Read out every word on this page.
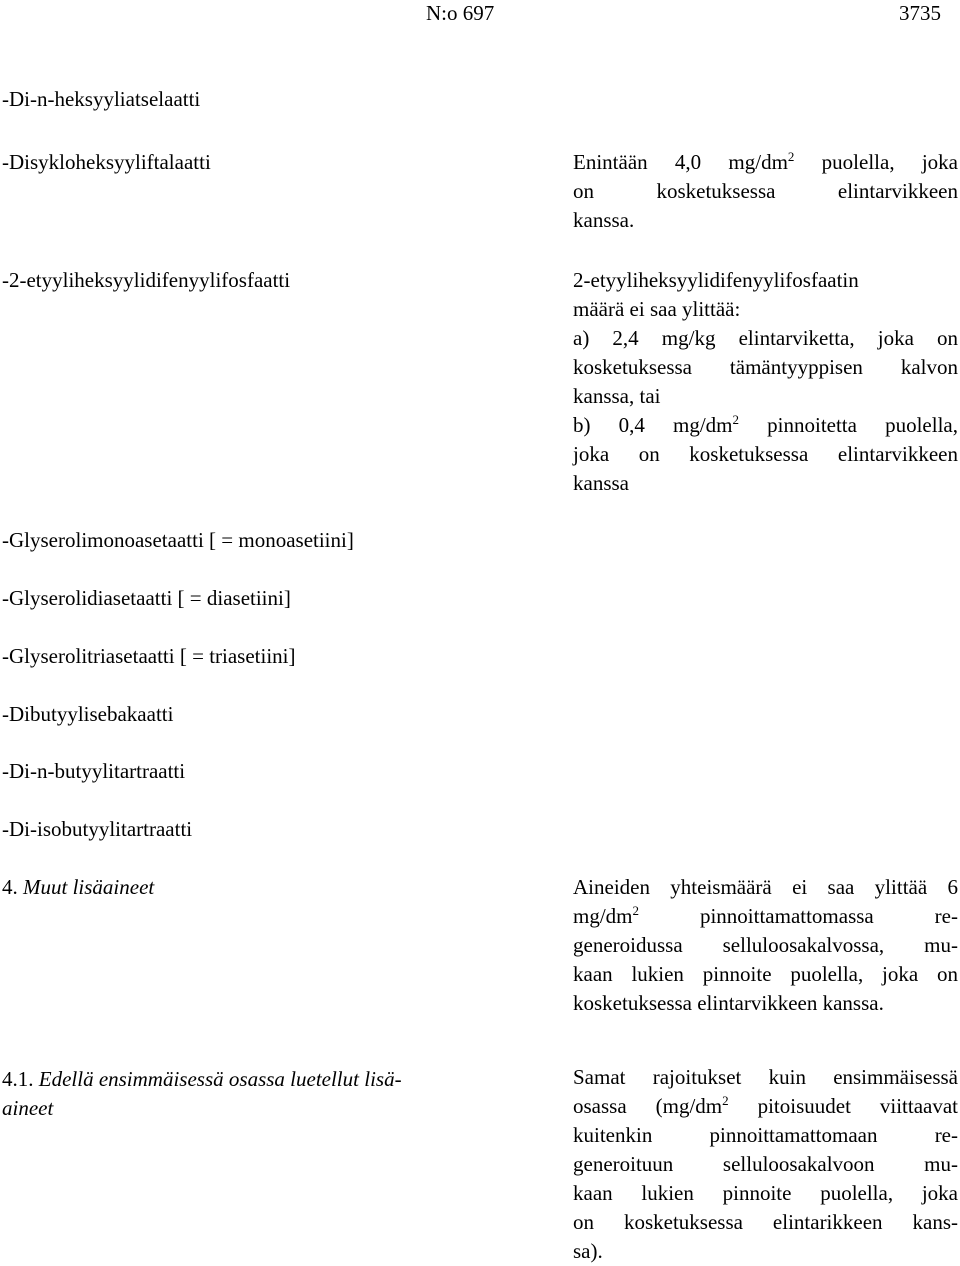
N:o 697	3735
-Di-n-heksyyliatselaatti
-Disykloheksyyliftalaatti
-2-etyyliheksyylidifenyylifosfaatti
-Glyserolimonoasetaatti [ = monoasetiini]
-Glyserolidiasetaatti [ = diasetiini]
-Glyserolitriasetaatti [ = triasetiini]
-Dibutyylisebakaatti
-Di-n-butyylitartraatti
-Di-isobutyylitartraatti
Enintään 4,0 $mg/dm^2$ puolella, joka
on kosketuksessa elintarvikkeen
kanssa.
2-etyyliheksyylidifenyylifosfaatin
määrä ei saa ylittää:
a) 2,4 mg/kg elintarviketta, joka on
kosketuksessa tämäntyyppisen kalvon
kanssa, tai
b) 0,4 $mg/dm^2$ pinnoitetta puolella,
joka on kosketuksessa elintarvikkeen
kanssa
4. Muut lisäaineet	Aineiden yhteismäärä ei saa ylittää 6
$mg/dm^2$ pinnoittamattomassa re-
generoidussa selluloosakalvossa, mu-
kaan lukien pinnoite puolella, joka on
kosketuksessa elintarvikkeen kanssa.
4.1. Edellä ensimmäisessä osassa luetellut lisä-
aineet
Samat rajoitukset kuin ensimmäisessä
osassa ($mg/dm^2$ pitoisuudet viittaavat
kuitenkin pinnoittamattomaan re-
generoituun selluloosakalvoon mu-
kaan lukien pinnoite puolella, joka
on kosketuksessa elintarikkeen kans-
sa).
